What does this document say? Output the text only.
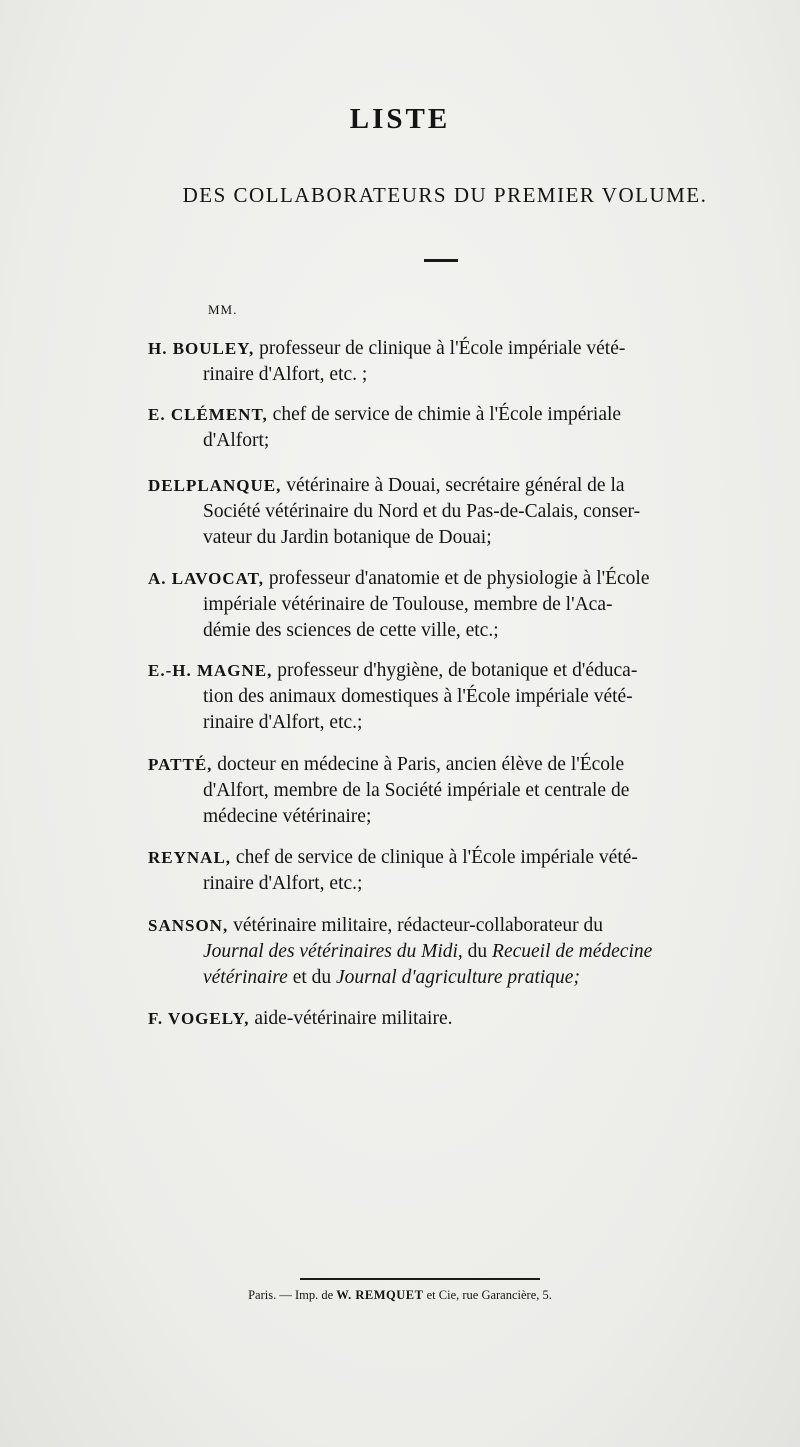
LISTE
DES COLLABORATEURS DU PREMIER VOLUME.
MM.
H. BOULEY, professeur de clinique à l'École impériale vété-
rinaire d'Alfort, etc. ;
E. CLÉMENT, chef de service de chimie à l'École impériale
d'Alfort;
DELPLANQUE, vétérinaire à Douai, secrétaire général de la
Société vétérinaire du Nord et du Pas-de-Calais, conser-
vateur du Jardin botanique de Douai;
A. LAVOCAT, professeur d'anatomie et de physiologie à l'École
impériale vétérinaire de Toulouse, membre de l'Aca-
démie des sciences de cette ville, etc.;
E.-H. MAGNE, professeur d'hygiène, de botanique et d'éduca-
tion des animaux domestiques à l'École impériale vété-
rinaire d'Alfort, etc.;
PATTÉ, docteur en médecine à Paris, ancien élève de l'École
d'Alfort, membre de la Société impériale et centrale de
médecine vétérinaire;
REYNAL, chef de service de clinique à l'École impériale vété-
rinaire d'Alfort, etc.;
SANSON, vétérinaire militaire, rédacteur-collaborateur du
Journal des vétérinaires du Midi, du Recueil de médecine
vétérinaire et du Journal d'agriculture pratique;
F. VOGELY, aide-vétérinaire militaire.
Paris. — Imp. de W. REMQUET et Cie, rue Garancière, 5.
